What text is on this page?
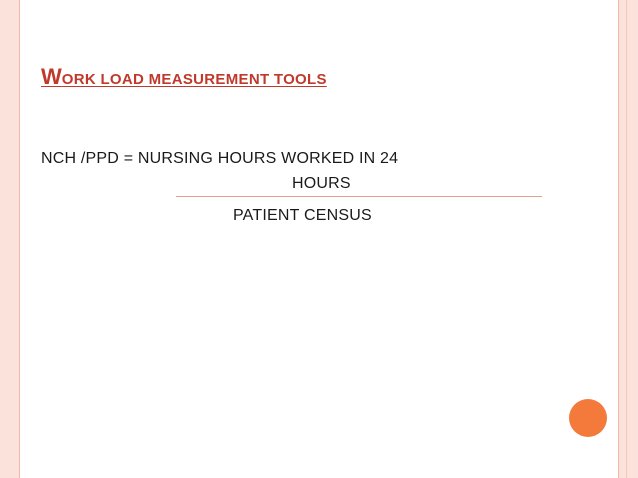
WORK LOAD MEASUREMENT TOOLS
NCH /PPD = NURSING HOURS WORKED IN 24
HOURS
PATIENT CENSUS
